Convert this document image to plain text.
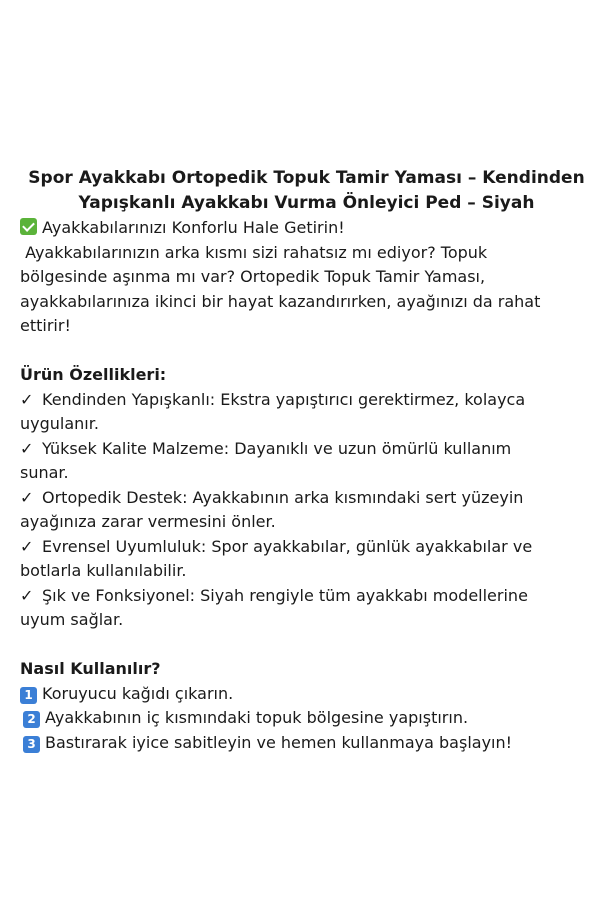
Spor Ayakkabı Ortopedik Topuk Tamir Yaması – Kendinden
Yapışkanlı Ayakkabı Vurma Önleyici Ped – Siyah
Ayakkabılarınızı Konforlu Hale Getirin!
Ayakkabılarınızın arka kısmı sizi rahatsız mı ediyor? Topuk
bölgesinde aşınma mı var? Ortopedik Topuk Tamir Yaması,
ayakkabılarınıza ikinci bir hayat kazandırırken, ayağınızı da rahat
ettirir!
Ürün Özellikleri:
✓ Kendinden Yapışkanlı: Ekstra yapıştırıcı gerektirmez, kolayca
uygulanır.
✓ Yüksek Kalite Malzeme: Dayanıklı ve uzun ömürlü kullanım
sunar.
✓ Ortopedik Destek: Ayakkabının arka kısmındaki sert yüzeyin
ayağınıza zarar vermesini önler.
✓ Evrensel Uyumluluk: Spor ayakkabılar, günlük ayakkabılar ve
botlarla kullanılabilir.
✓ Şık ve Fonksiyonel: Siyah rengiyle tüm ayakkabı modellerine
uyum sağlar.
Nasıl Kullanılır?
1 Koruyucu kağıdı çıkarın.
2 Ayakkabının iç kısmındaki topuk bölgesine yapıştırın.
3 Bastırarak iyice sabitleyin ve hemen kullanmaya başlayın!
